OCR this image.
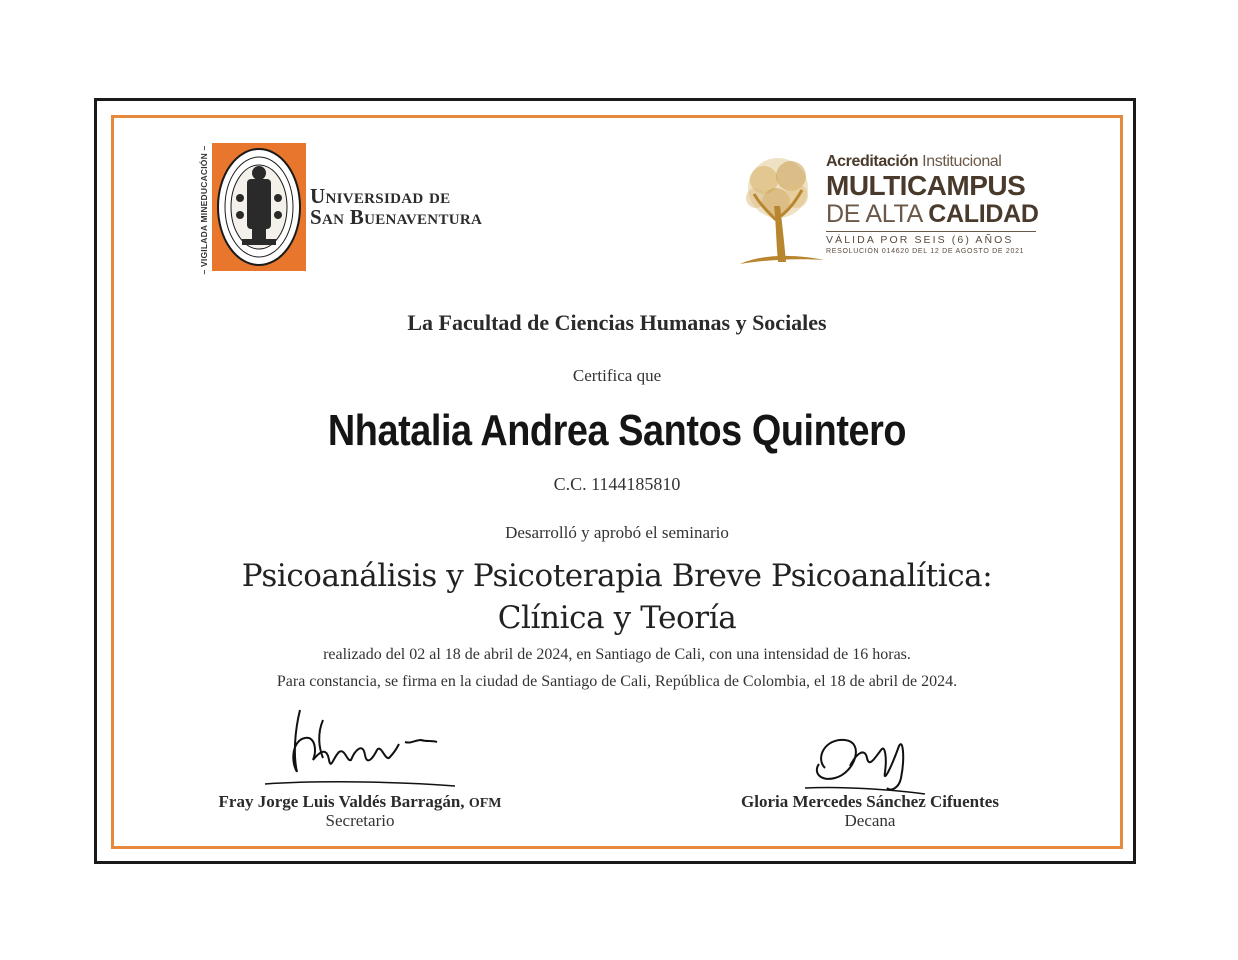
– VIGILADA MINEDUCACIÓN –	Universidad de
San Buenaventura
Acreditación Institucional
MULTICAMPUS
DE ALTA CALIDAD
VÁLIDA POR SEIS (6) AÑOS
RESOLUCIÓN 014620 DEL 12 DE AGOSTO DE 2021
La Facultad de Ciencias Humanas y Sociales
Certifica que
Nhatalia Andrea Santos Quintero
C.C. 1144185810
Desarrolló y aprobó el seminario
Psicoanálisis y Psicoterapia Breve Psicoanalítica:
Clínica y Teoría
realizado del 02 al 18 de abril de 2024, en Santiago de Cali, con una intensidad de 16 horas.
Para constancia, se firma en la ciudad de Santiago de Cali, República de Colombia, el 18 de abril de 2024.
Fray Jorge Luis Valdés Barragán, OFM
Secretario
Gloria Mercedes Sánchez Cifuentes
Decana
